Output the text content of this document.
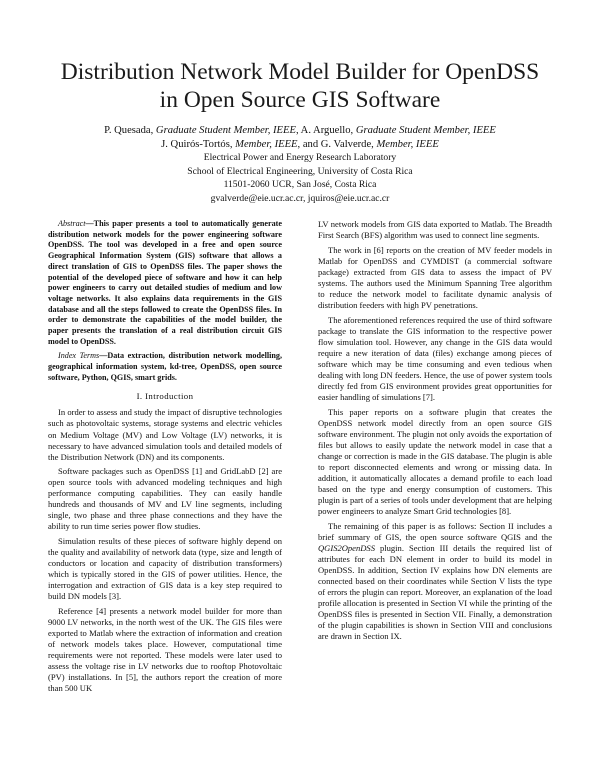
Distribution Network Model Builder for OpenDSS
in Open Source GIS Software
P. Quesada, Graduate Student Member, IEEE, A. Arguello, Graduate Student Member, IEEE
J. Quirós-Tortós, Member, IEEE, and G. Valverde, Member, IEEE
Electrical Power and Energy Research Laboratory
School of Electrical Engineering, University of Costa Rica
11501-2060 UCR, San José, Costa Rica
gvalverde@eie.ucr.ac.cr, jquiros@eie.ucr.ac.cr

Abstract—This paper presents a tool to automatically generate distribution network models for the power engineering software OpenDSS. The tool was developed in a free and open source Geographical Information System (GIS) software that allows a direct translation of GIS to OpenDSS files. The paper shows the potential of the developed piece of software and how it can help power engineers to carry out detailed studies of medium and low voltage networks. It also explains data requirements in the GIS database and all the steps followed to create the OpenDSS files. In order to demonstrate the capabilities of the model builder, the paper presents the translation of a real distribution circuit GIS model to OpenDSS.

Index Terms—Data extraction, distribution network modelling, geographical information system, kd-tree, OpenDSS, open source software, Python, QGIS, smart grids.

I. Introduction

In order to assess and study the impact of disruptive technologies such as photovoltaic systems, storage systems and electric vehicles on Medium Voltage (MV) and Low Voltage (LV) networks, it is necessary to have advanced simulation tools and detailed models of the Distribution Network (DN) and its components.

Software packages such as OpenDSS [1] and GridLabD [2] are open source tools with advanced modeling techniques and high performance computing capabilities. They can easily handle hundreds and thousands of MV and LV line segments, including single, two phase and three phase connections and they have the ability to run time series power flow studies.

Simulation results of these pieces of software highly depend on the quality and availability of network data (type, size and length of conductors or location and capacity of distribution transformers) which is typically stored in the GIS of power utilities. Hence, the interrogation and extraction of GIS data is a key step required to build DN models [3].

Reference [4] presents a network model builder for more than 9000 LV networks, in the north west of the UK. The GIS files were exported to Matlab where the extraction of information and creation of network models takes place. However, computational time requirements were not reported. These models were later used to assess the voltage rise in LV networks due to rooftop Photovoltaic (PV) installations. In [5], the authors report the creation of more than 500 UK

LV network models from GIS data exported to Matlab. The Breadth First Search (BFS) algorithm was used to connect line segments.

The work in [6] reports on the creation of MV feeder models in Matlab for OpenDSS and CYMDIST (a commercial software package) extracted from GIS data to assess the impact of PV systems. The authors used the Minimum Spanning Tree algorithm to reduce the network model to facilitate dynamic analysis of distribution feeders with high PV penetrations.

The aforementioned references required the use of third software package to translate the GIS information to the respective power flow simulation tool. However, any change in the GIS data would require a new iteration of data (files) exchange among pieces of software which may be time consuming and even tedious when dealing with long DN feeders. Hence, the use of power system tools directly fed from GIS environment provides great opportunities for easier handling of simulations [7].

This paper reports on a software plugin that creates the OpenDSS network model directly from an open source GIS software environment. The plugin not only avoids the exportation of files but allows to easily update the network model in case that a change or correction is made in the GIS database. The plugin is able to report disconnected elements and wrong or missing data. In addition, it automatically allocates a demand profile to each load based on the type and energy consumption of customers. This plugin is part of a series of tools under development that are helping power engineers to analyze Smart Grid technologies [8].

The remaining of this paper is as follows: Section II includes a brief summary of GIS, the open source software QGIS and the QGIS2OpenDSS plugin. Section III details the required list of attributes for each DN element in order to build its model in OpenDSS. In addition, Section IV explains how DN elements are connected based on their coordinates while Section V lists the type of errors the plugin can report. Moreover, an explanation of the load profile allocation is presented in Section VI while the printing of the OpenDSS files is presented in Section VII. Finally, a demonstration of the plugin capabilities is shown in Section VIII and conclusions are drawn in Section IX.
